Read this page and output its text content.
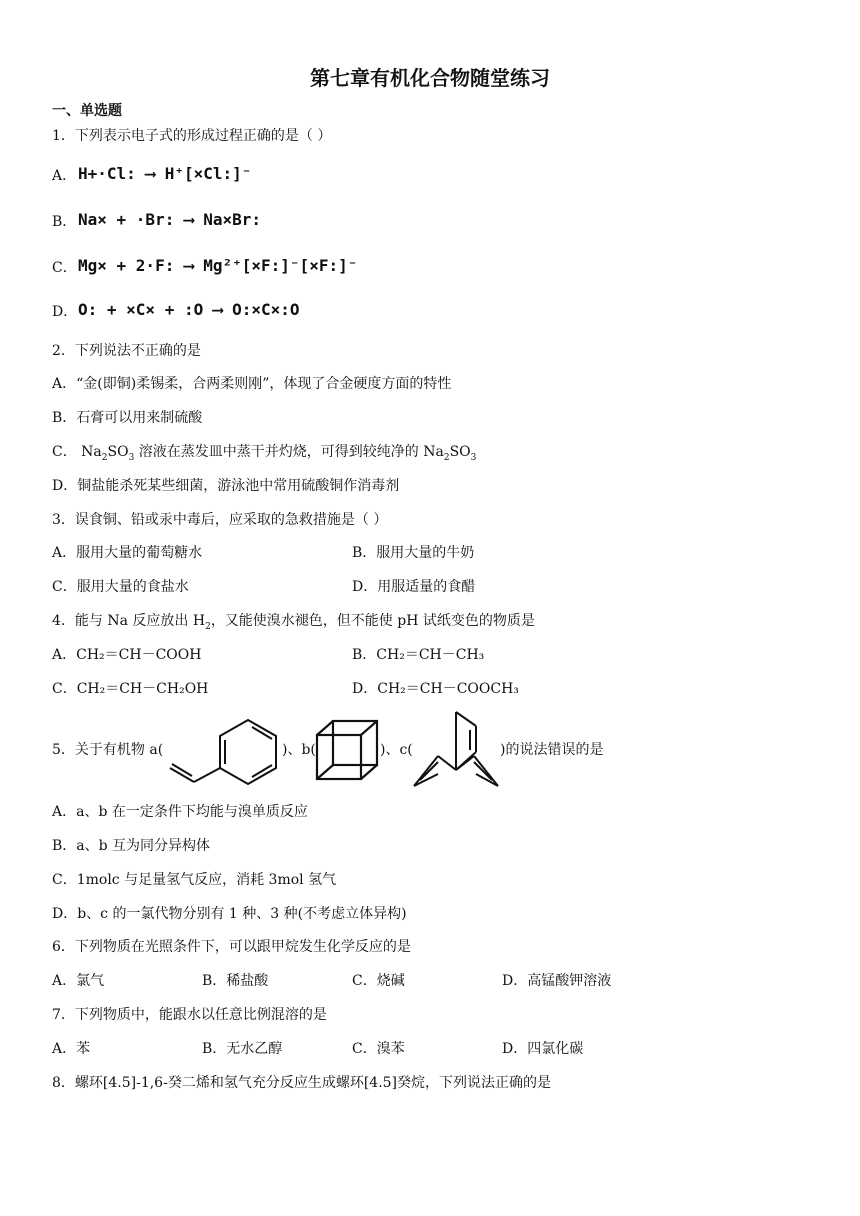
第七章有机化合物随堂练习
一、单选题
1．下列表示电子式的形成过程正确的是（ ）
A． H+·Cl: ⟶ H⁺[×Cl:]⁻
B． Na× + ·Br: ⟶ Na×Br:
C． Mg× + 2·F: ⟶ Mg²⁺[×F:]⁻[×F:]⁻
D． O: + ×C× + :O ⟶ O:×C×:O
2．下列说法不正确的是
A．“金(即铜)柔锡柔，合两柔则刚”，体现了合金硬度方面的特性
B．石膏可以用来制硫酸
C． $Na_2SO_3$ 溶液在蒸发皿中蒸干并灼烧，可得到较纯净的 $Na_2SO_3$
D．铜盐能杀死某些细菌，游泳池中常用硫酸铜作消毒剂
3．误食铜、铅或汞中毒后，应采取的急救措施是（ ）
A．服用大量的葡萄糖水	B．服用大量的牛奶
C．服用大量的食盐水	D．用服适量的食醋
4．能与 Na 反应放出 $H_2$，又能使溴水褪色，但不能使 pH 试纸变色的物质是
A．CH₂＝CH－COOH	B．CH₂＝CH－CH₃
C．CH₂＝CH－CH₂OH	D．CH₂＝CH－COOCH₃
5．关于有机物 a(	)、b(	)、c(	)的说法错误的是
A．a、b 在一定条件下均能与溴单质反应
B．a、b 互为同分异构体
C．1molc 与足量氢气反应，消耗 3mol 氢气
D．b、c 的一氯代物分别有 1 种、3 种(不考虑立体异构)
6．下列物质在光照条件下，可以跟甲烷发生化学反应的是
A．氯气	B．稀盐酸	C．烧碱	D．高锰酸钾溶液
7．下列物质中，能跟水以任意比例混溶的是
A．苯	B．无水乙醇	C．溴苯	D．四氯化碳
8．螺环[4.5]-1,6-癸二烯和氢气充分反应生成螺环[4.5]癸烷，下列说法正确的是
